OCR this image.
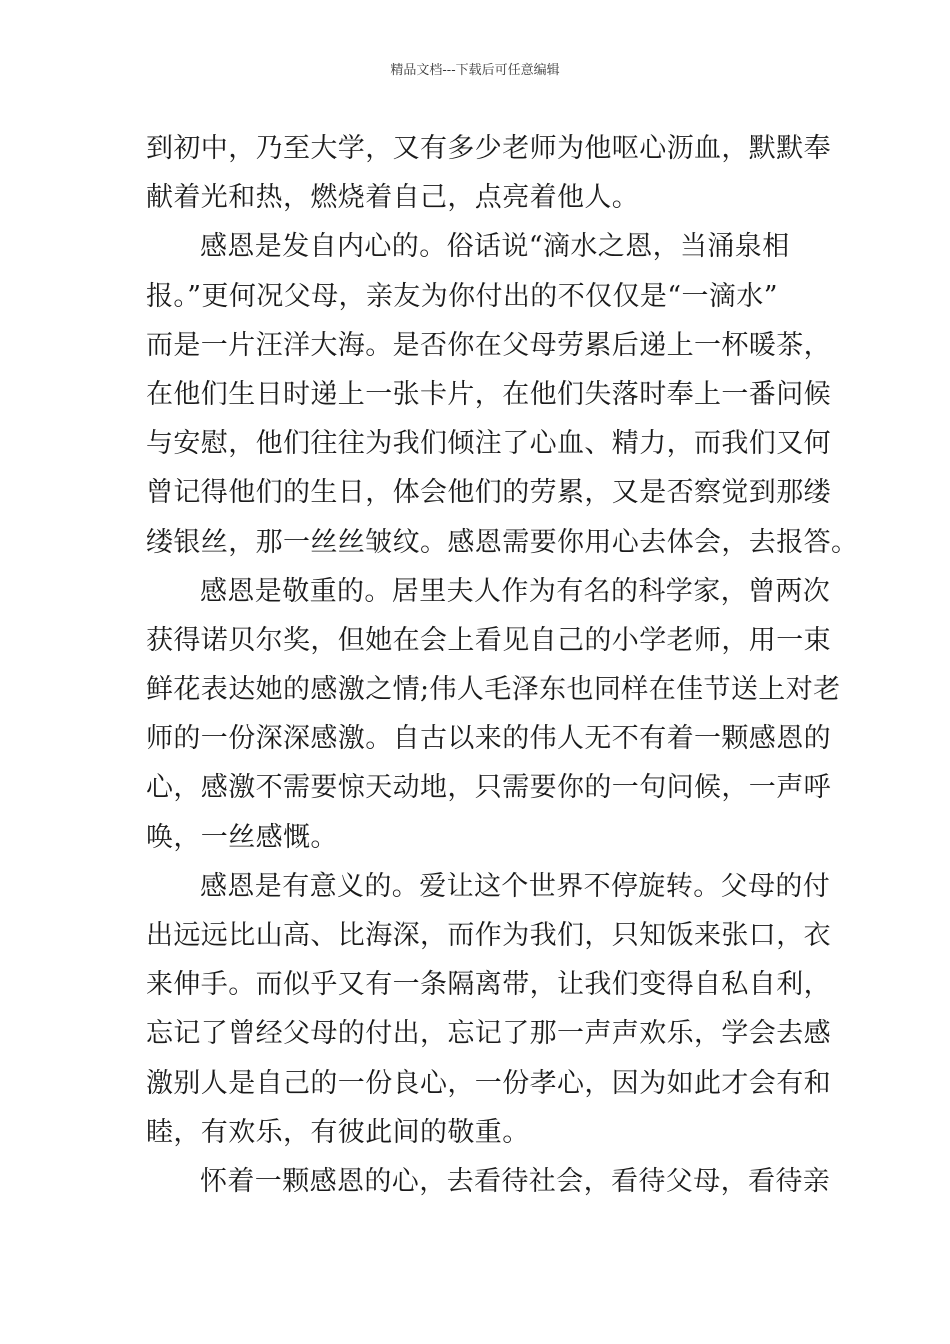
精品文档---下载后可任意编辑
到初中，乃至大学，又有多少老师为他呕心沥血，默默奉
献着光和热，燃烧着自己，点亮着他人。
感恩是发自内心的。俗话说“滴水之恩，当涌泉相
报。”更何况父母，亲友为你付出的不仅仅是“一滴水”
而是一片汪洋大海。是否你在父母劳累后递上一杯暖茶，
在他们生日时递上一张卡片，在他们失落时奉上一番问候
与安慰，他们往往为我们倾注了心血、精力，而我们又何
曾记得他们的生日，体会他们的劳累，又是否察觉到那缕
缕银丝，那一丝丝皱纹。感恩需要你用心去体会，去报答。
感恩是敬重的。居里夫人作为有名的科学家，曾两次
获得诺贝尔奖，但她在会上看见自己的小学老师，用一束
鲜花表达她的感激之情;伟人毛泽东也同样在佳节送上对老
师的一份深深感激。自古以来的伟人无不有着一颗感恩的
心，感激不需要惊天动地，只需要你的一句问候，一声呼
唤，一丝感慨。
感恩是有意义的。爱让这个世界不停旋转。父母的付
出远远比山高、比海深，而作为我们，只知饭来张口，衣
来伸手。而似乎又有一条隔离带，让我们变得自私自利，
忘记了曾经父母的付出，忘记了那一声声欢乐，学会去感
激别人是自己的一份良心，一份孝心，因为如此才会有和
睦，有欢乐，有彼此间的敬重。
怀着一颗感恩的心，去看待社会，看待父母，看待亲
